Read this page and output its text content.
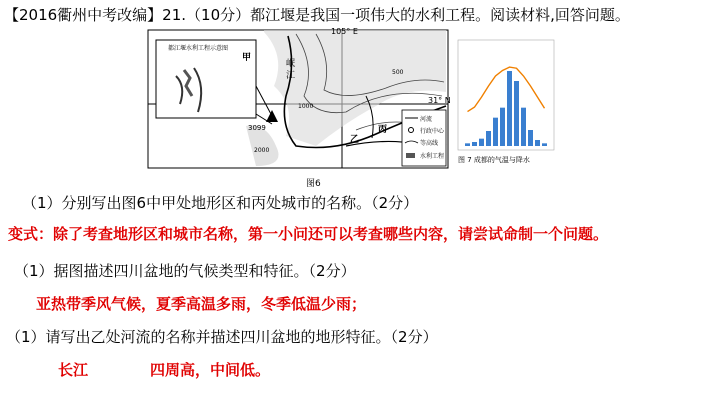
【2016衢州中考改编】21.（10分）都江堰是我国一项伟大的水利工程。阅读材料,回答问题。
都江堰水利工程示意图
3099
105° E
31° N
甲
岷
江
乙
丙
500
1000
2000
河流
行政中心
等高线
水利工程
图6
图 7 成都的气温与降水
（1）分别写出图6中甲处地形区和丙处城市的名称。（2分）
变式：除了考查地形区和城市名称，第一小问还可以考查哪些内容，请尝试命制一个问题。
（1）据图描述四川盆地的气候类型和特征。（2分）
亚热带季风气候，夏季高温多雨，冬季低温少雨；
（1）请写出乙处河流的名称并描述四川盆地的地形特征。（2分）
长江	四周高，中间低。
